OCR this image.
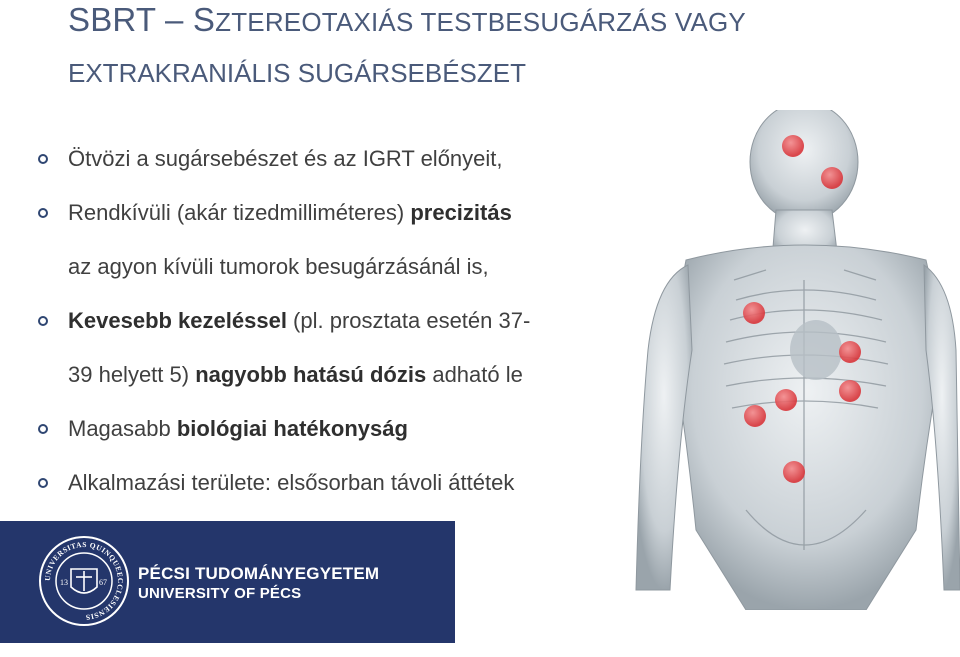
SBRT – SZTEREOTAXIÁS TESTBESUGÁRZÁS VAGY
EXTRAKRANIÁLIS SUGÁRSEBÉSZET
Ötvözi a sugársebészet és az IGRT előnyeit,
Rendkívüli (akár tizedmilliméteres) precizitás
az agyon kívüli tumorok besugárzásánál is,
Kevesebb kezeléssel (pl. prosztata esetén 37-
39 helyett 5) nagyobb hatású dózis adható le
Magasabb biológiai hatékonyság
Alkalmazási területe: elsősorban távoli áttétek
UNIVERSITAS QUINQUEECCLESIENSIS
13	67 PÉCSI TUDOMÁNYEGYETEM
UNIVERSITY OF PÉCS
